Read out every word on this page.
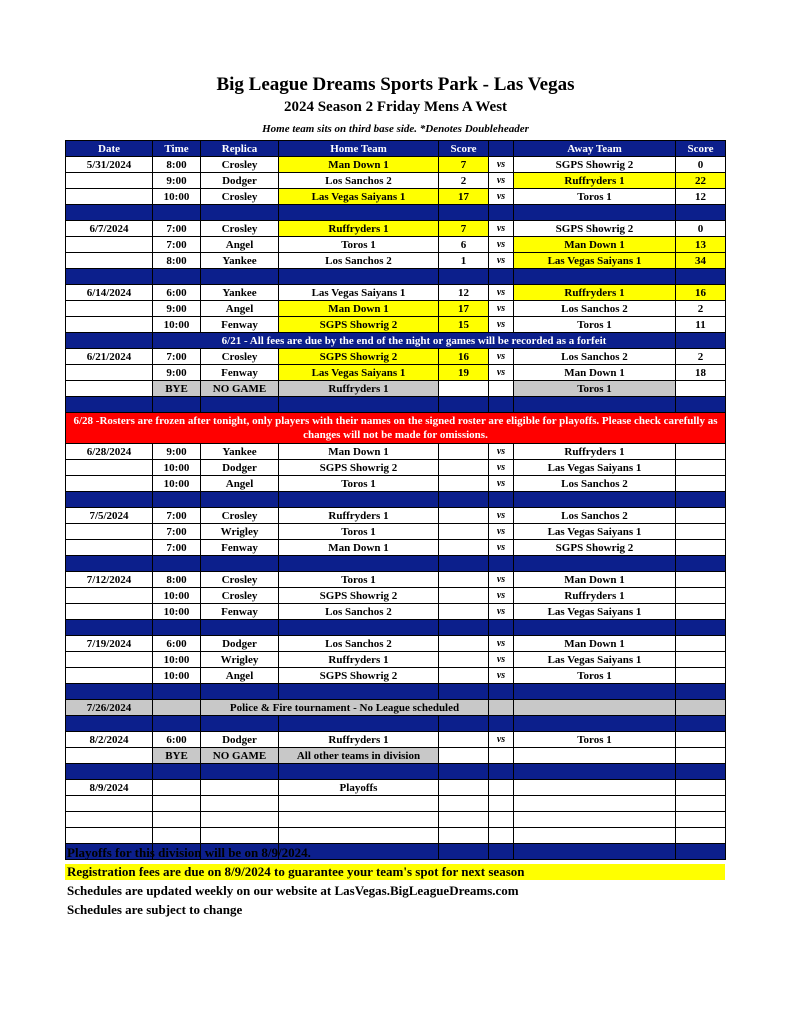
Big League Dreams Sports Park - Las Vegas
2024 Season 2 Friday Mens A West
Home team sits on third base side. *Denotes Doubleheader
Date	Time	Replica	Home Team	Score		Away Team	Score
5/31/2024	8:00	Crosley	Man Down 1	7	vs	SGPS Showrig 2	0
	9:00	Dodger	Los Sanchos 2	2	vs	Ruffryders 1	22
	10:00	Crosley	Las Vegas Saiyans 1	17	vs	Toros 1	12

6/7/2024	7:00	Crosley	Ruffryders 1	7	vs	SGPS Showrig 2	0
	7:00	Angel	Toros 1	6	vs	Man Down 1	13
	8:00	Yankee	Los Sanchos 2	1	vs	Las Vegas Saiyans 1	34

6/14/2024	6:00	Yankee	Las Vegas Saiyans 1	12	vs	Ruffryders 1	16
	9:00	Angel	Man Down 1	17	vs	Los Sanchos 2	2
	10:00	Fenway	SGPS Showrig 2	15	vs	Toros 1	11
	6/21 - All fees are due by the end of the night or games will be recorded as a forfeit						
6/21/2024	7:00	Crosley	SGPS Showrig 2	16	vs	Los Sanchos 2	2
	9:00	Fenway	Las Vegas Saiyans 1	19	vs	Man Down 1	18
	BYE	NO GAME	Ruffryders 1			Toros 1	

6/28 -Rosters are frozen after tonight, only players with their names on the signed roster are eligible for playoffs. Please check carefully as changes will not be made for omissions.							
6/28/2024	9:00	Yankee	Man Down 1		vs	Ruffryders 1	
	10:00	Dodger	SGPS Showrig 2		vs	Las Vegas Saiyans 1	
	10:00	Angel	Toros 1		vs	Los Sanchos 2	

7/5/2024	7:00	Crosley	Ruffryders 1		vs	Los Sanchos 2	
	7:00	Wrigley	Toros 1		vs	Las Vegas Saiyans 1	
	7:00	Fenway	Man Down 1		vs	SGPS Showrig 2	

7/12/2024	8:00	Crosley	Toros 1		vs	Man Down 1	
	10:00	Crosley	SGPS Showrig 2		vs	Ruffryders 1	
	10:00	Fenway	Los Sanchos 2		vs	Las Vegas Saiyans 1	

7/19/2024	6:00	Dodger	Los Sanchos 2		vs	Man Down 1	
	10:00	Wrigley	Ruffryders 1		vs	Las Vegas Saiyans 1	
	10:00	Angel	SGPS Showrig 2		vs	Toros 1	

7/26/2024		Police & Fire tournament - No League scheduled					

8/2/2024	6:00	Dodger	Ruffryders 1		vs	Toros 1	
	BYE	NO GAME	All other teams in division				

8/9/2024			Playoffs				

Playoffs for this division will be on 8/9/2024.
Registration fees are due on 8/9/2024 to guarantee your team's spot for next season
Schedules are updated weekly on our website at LasVegas.BigLeagueDreams.com
Schedules are subject to change
